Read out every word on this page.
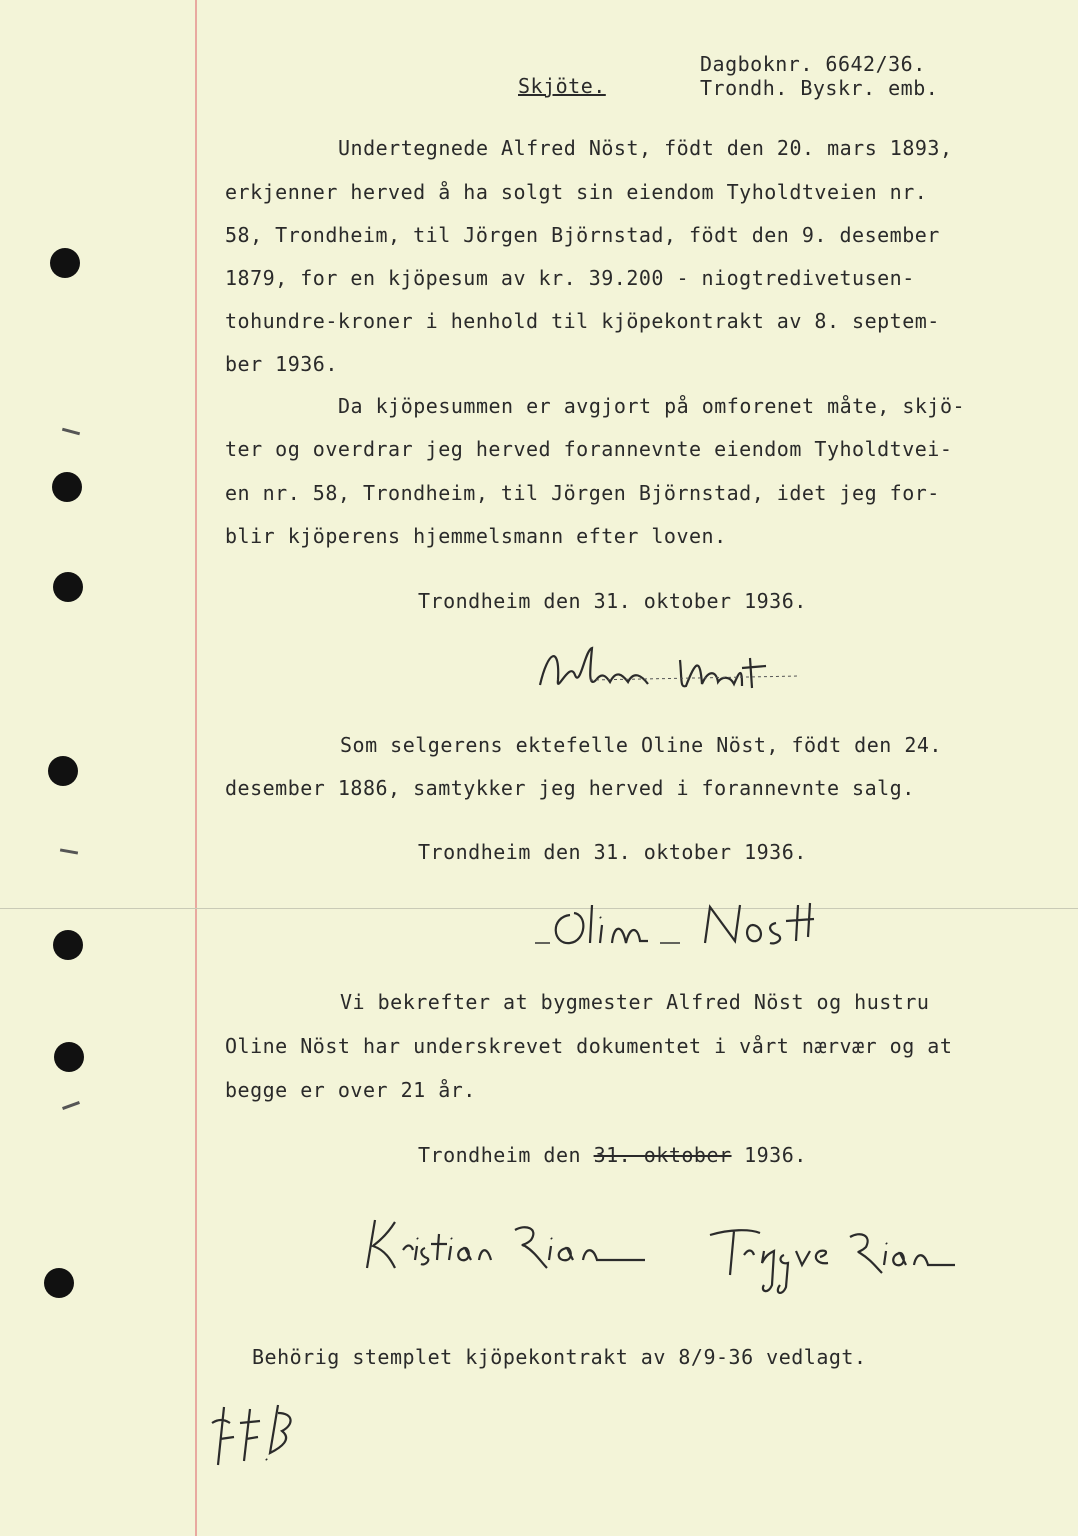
Skjöte.
Dagboknr. 6642/36.
Trondh. Byskr. emb.
Undertegnede Alfred Nöst, födt den 20. mars 1893,
erkjenner herved å ha solgt sin eiendom Tyholdtveien nr.
58, Trondheim, til Jörgen Björnstad, födt den 9. desember
1879, for en kjöpesum av kr. 39.200 - niogtredivetusen-
tohundre-kroner i henhold til kjöpekontrakt av 8. septem-
ber 1936.
Da kjöpesummen er avgjort på omforenet måte, skjö-
ter og overdrar jeg herved forannevnte eiendom Tyholdtvei-
en nr. 58, Trondheim, til Jörgen Björnstad, idet jeg for-
blir kjöperens hjemmelsmann efter loven.
Trondheim den 31. oktober 1936.
Som selgerens ektefelle Oline Nöst, födt den 24.
desember 1886, samtykker jeg herved i forannevnte salg.
Trondheim den 31. oktober 1936.
Vi bekrefter at bygmester Alfred Nöst og hustru
Oline Nöst har underskrevet dokumentet i vårt nærvær og at
begge er over 21 år.
Trondheim den 31. oktober 1936.
Behörig stemplet kjöpekontrakt av 8/9-36 vedlagt.
